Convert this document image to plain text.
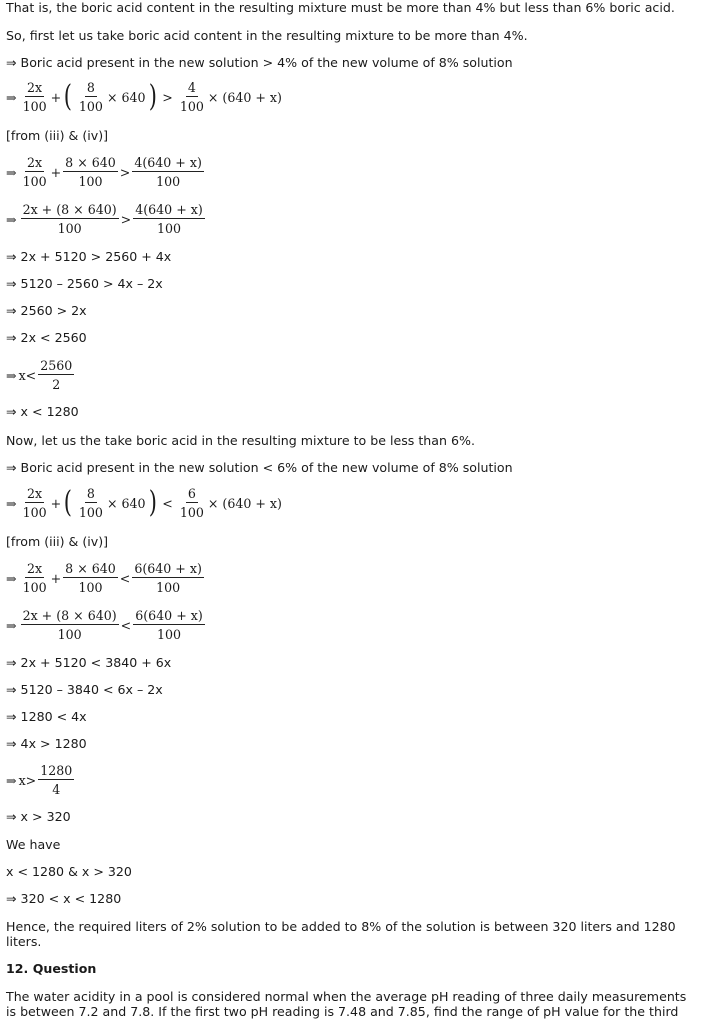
That is, the boric acid content in the resulting mixture must be more than 4% but less than 6% boric acid.
So, first let us take boric acid content in the resulting mixture to be more than 4%.
⇒ Boric acid present in the new solution > 4% of the new volume of 8% solution
⇒ $\frac{2x}{100}$ + ( $\frac{8}{100} \times 640$ ) > $\frac{4}{100} \times (640 + x)$
[from (iii) & (iv)]
⇒ $\frac{2x}{100} + \frac{8 \times 640}{100} > \frac{4(640 + x)}{100}$
⇒ $\frac{2x + (8 \times 640)}{100} > \frac{4(640 + x)}{100}$
⇒ 2x + 5120 > 2560 + 4x
⇒ 5120 – 2560 > 4x – 2x
⇒ 2560 > 2x
⇒ 2x < 2560
⇒ $x < \frac{2560}{2}$
⇒ x < 1280
Now, let us the take boric acid in the resulting mixture to be less than 6%.
⇒ Boric acid present in the new solution < 6% of the new volume of 8% solution
⇒ $\frac{2x}{100}$ + ( $\frac{8}{100} \times 640$ ) < $\frac{6}{100} \times (640 + x)$
[from (iii) & (iv)]
⇒ $\frac{2x}{100} + \frac{8 \times 640}{100} < \frac{6(640 + x)}{100}$
⇒ $\frac{2x + (8 \times 640)}{100} < \frac{6(640 + x)}{100}$
⇒ 2x + 5120 < 3840 + 6x
⇒ 5120 – 3840 < 6x – 2x
⇒ 1280 < 4x
⇒ 4x > 1280
⇒ $x > \frac{1280}{4}$
⇒ x > 320
We have
x < 1280 & x > 320
⇒ 320 < x < 1280
Hence, the required liters of 2% solution to be added to 8% of the solution is between 320 liters and 1280 liters.
12. Question
The water acidity in a pool is considered normal when the average pH reading of three daily measurements is between 7.2 and 7.8. If the first two pH reading is 7.48 and 7.85, find the range of pH value for the third
